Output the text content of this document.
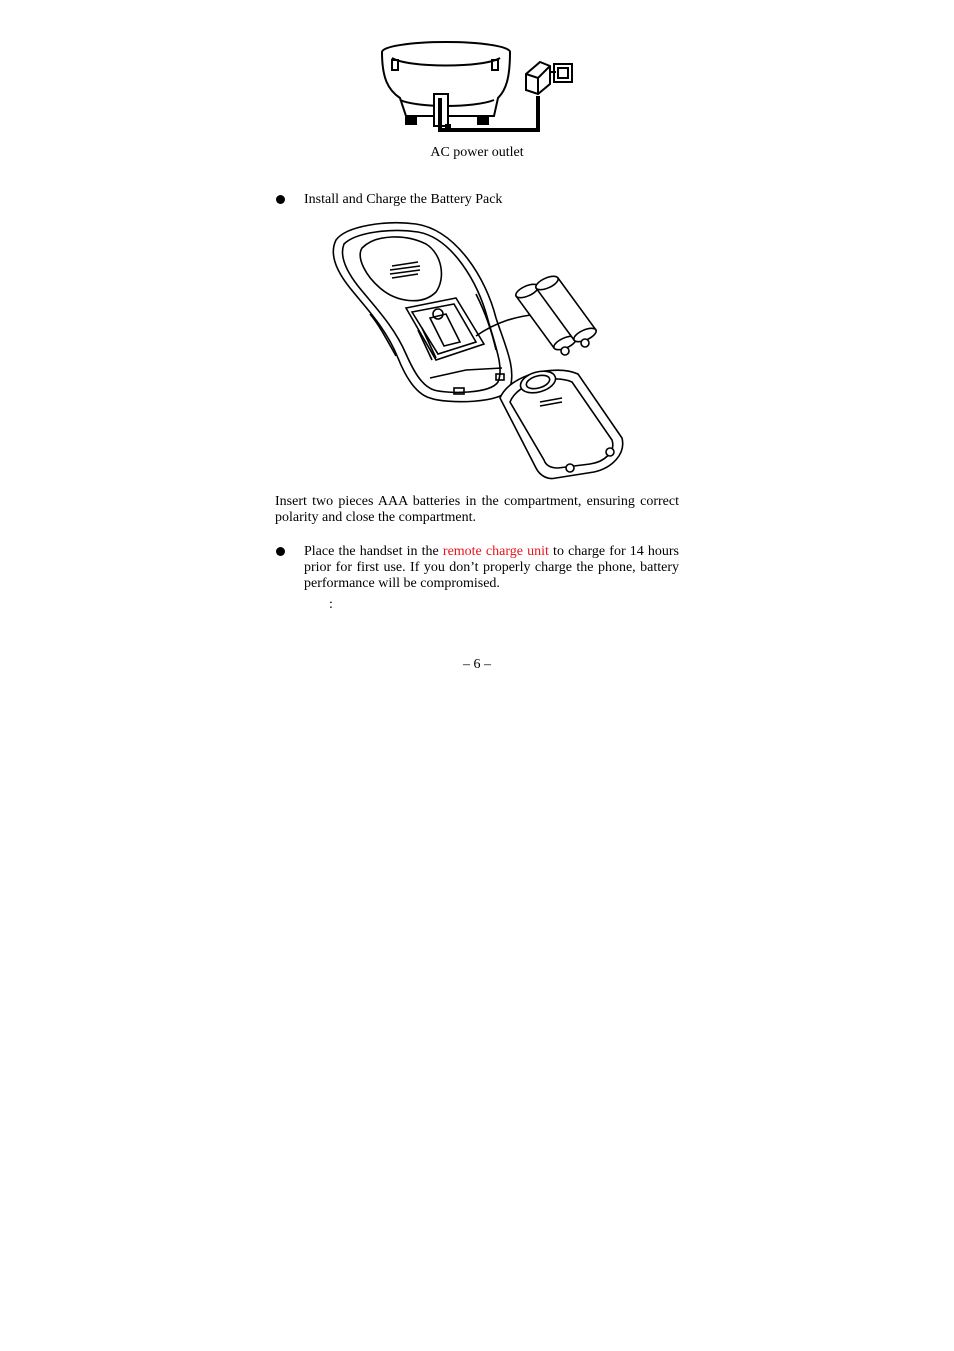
AC power outlet
Install and Charge the Battery Pack
Insert two pieces AAA batteries in the compartment, ensuring correct polarity and close the compartment.
Place the handset in the remote charge unit to charge for 14 hours prior for first use. If you don’t properly charge the phone, battery performance will be compromised.
:
– 6 –
